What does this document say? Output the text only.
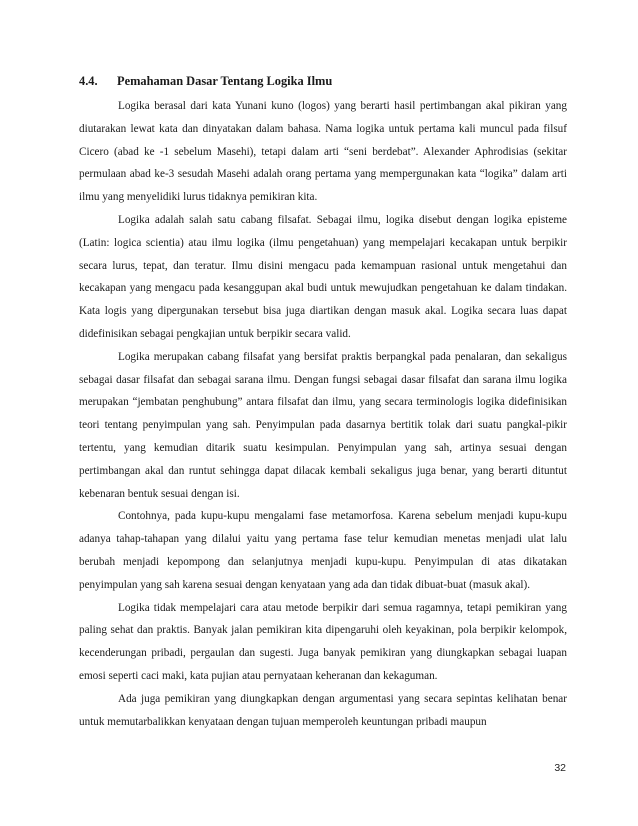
4.4.	Pemahaman Dasar Tentang Logika Ilmu

Logika berasal dari kata Yunani kuno (logos) yang berarti hasil pertimbangan akal pikiran yang diutarakan lewat kata dan dinyatakan dalam bahasa. Nama logika untuk pertama kali muncul pada filsuf Cicero (abad ke -1 sebelum Masehi), tetapi dalam arti “seni berdebat”. Alexander Aphrodisias (sekitar permulaan abad ke-3 sesudah Masehi adalah orang pertama yang mempergunakan kata “logika” dalam arti ilmu yang menyelidiki lurus tidaknya pemikiran kita.

Logika adalah salah satu cabang filsafat. Sebagai ilmu, logika disebut dengan logika episteme (Latin: logica scientia) atau ilmu logika (ilmu pengetahuan) yang mempelajari kecakapan untuk berpikir secara lurus, tepat, dan teratur. Ilmu disini mengacu pada kemampuan rasional untuk mengetahui dan kecakapan yang mengacu pada kesanggupan akal budi untuk mewujudkan pengetahuan ke dalam tindakan. Kata logis yang dipergunakan tersebut bisa juga diartikan dengan masuk akal. Logika secara luas dapat didefinisikan sebagai pengkajian untuk berpikir secara valid.

Logika merupakan cabang filsafat yang bersifat praktis berpangkal pada penalaran, dan sekaligus sebagai dasar filsafat dan sebagai sarana ilmu. Dengan fungsi sebagai dasar filsafat dan sarana ilmu logika merupakan “jembatan penghubung” antara filsafat dan ilmu, yang secara terminologis logika didefinisikan teori tentang penyimpulan yang sah. Penyimpulan pada dasarnya bertitik tolak dari suatu pangkal-pikir tertentu, yang kemudian ditarik suatu kesimpulan. Penyimpulan yang sah, artinya sesuai dengan pertimbangan akal dan runtut sehingga dapat dilacak kembali sekaligus juga benar, yang berarti dituntut kebenaran bentuk sesuai dengan isi.

Contohnya, pada kupu-kupu mengalami fase metamorfosa. Karena sebelum menjadi kupu-kupu adanya tahap-tahapan yang dilalui yaitu yang pertama fase telur kemudian menetas menjadi ulat lalu berubah menjadi kepompong dan selanjutnya menjadi kupu-kupu. Penyimpulan di atas dikatakan penyimpulan yang sah karena sesuai dengan kenyataan yang ada dan tidak dibuat-buat (masuk akal).

Logika tidak mempelajari cara atau metode berpikir dari semua ragamnya, tetapi pemikiran yang paling sehat dan praktis. Banyak jalan pemikiran kita dipengaruhi oleh keyakinan, pola berpikir kelompok, kecenderungan pribadi, pergaulan dan sugesti. Juga banyak pemikiran yang diungkapkan sebagai luapan emosi seperti caci maki, kata pujian atau pernyataan keheranan dan kekaguman.

Ada juga pemikiran yang diungkapkan dengan argumentasi yang secara sepintas kelihatan benar untuk memutarbalikkan kenyataan dengan tujuan memperoleh keuntungan pribadi maupun

32
